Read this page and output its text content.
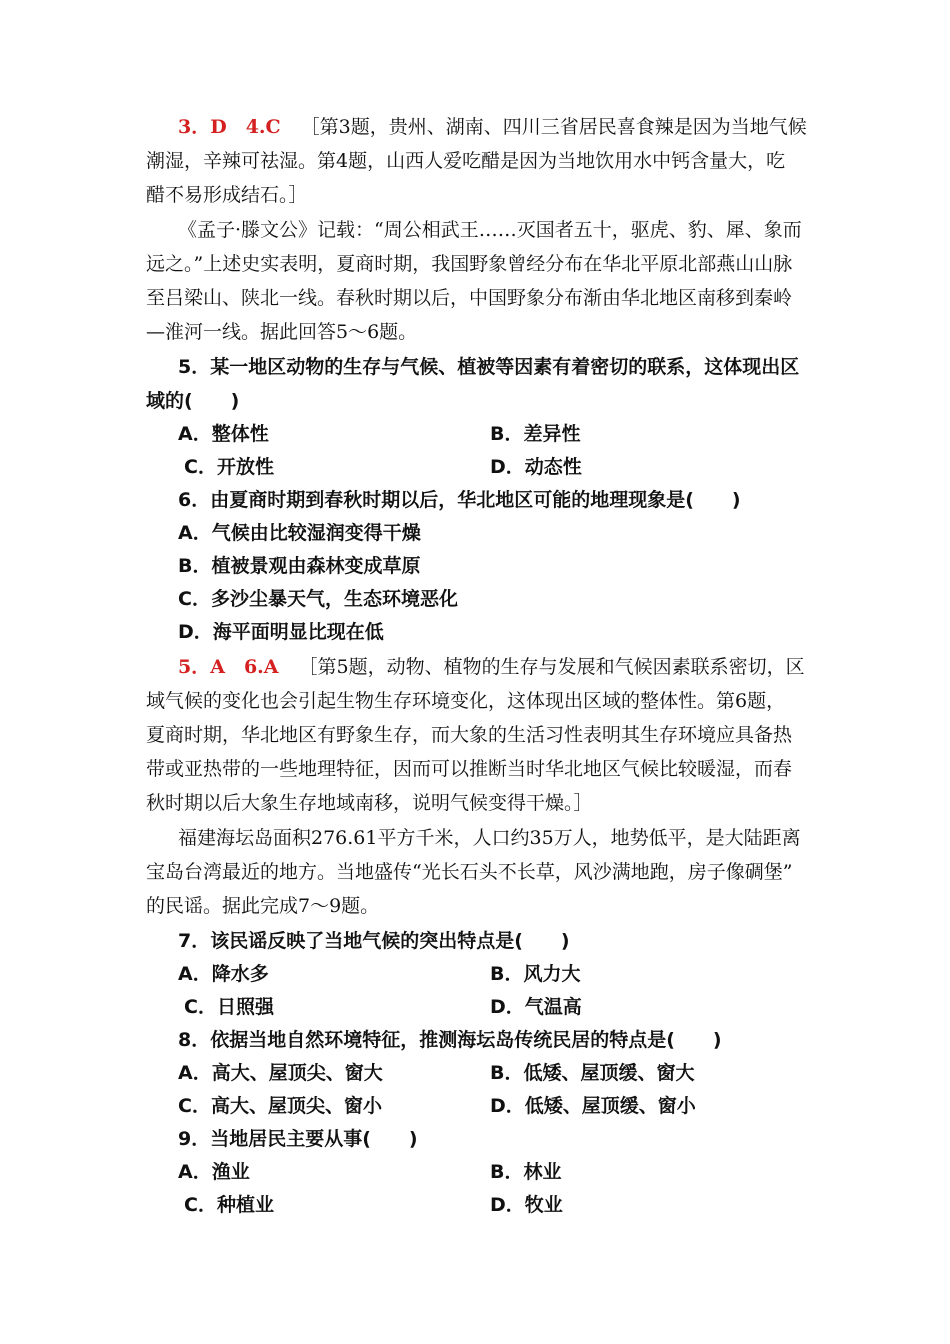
3．D　4.C ［第3题，贵州、湖南、四川三省居民喜食辣是因为当地气候
潮湿，辛辣可祛湿。第4题，山西人爱吃醋是因为当地饮用水中钙含量大，吃
醋不易形成结石。］
《孟子·滕文公》记载：“周公相武王……灭国者五十，驱虎、豹、犀、象而
远之。”上述史实表明，夏商时期，我国野象曾经分布在华北平原北部燕山山脉
至吕梁山、陕北一线。春秋时期以后，中国野象分布渐由华北地区南移到秦岭
—淮河一线。据此回答5～6题。
5．某一地区动物的生存与气候、植被等因素有着密切的联系，这体现出区
域的(　　)
A．整体性	B．差异性
C．开放性	D．动态性
6．由夏商时期到春秋时期以后，华北地区可能的地理现象是(　　)
A．气候由比较湿润变得干燥
B．植被景观由森林变成草原
C．多沙尘暴天气，生态环境恶化
D．海平面明显比现在低
5．A　6.A ［第5题，动物、植物的生存与发展和气候因素联系密切，区
域气候的变化也会引起生物生存环境变化，这体现出区域的整体性。第6题，
夏商时期，华北地区有野象生存，而大象的生活习性表明其生存环境应具备热
带或亚热带的一些地理特征，因而可以推断当时华北地区气候比较暖湿，而春
秋时期以后大象生存地域南移，说明气候变得干燥。］
福建海坛岛面积276.61平方千米，人口约35万人，地势低平，是大陆距离
宝岛台湾最近的地方。当地盛传“光长石头不长草，风沙满地跑，房子像碉堡”
的民谣。据此完成7～9题。
7．该民谣反映了当地气候的突出特点是(　　)
A．降水多	B．风力大
C．日照强	D．气温高
8．依据当地自然环境特征，推测海坛岛传统民居的特点是(　　)
A．高大、屋顶尖、窗大	B．低矮、屋顶缓、窗大
C．高大、屋顶尖、窗小	D．低矮、屋顶缓、窗小
9．当地居民主要从事(　　)
A．渔业	B．林业
C．种植业	D．牧业
